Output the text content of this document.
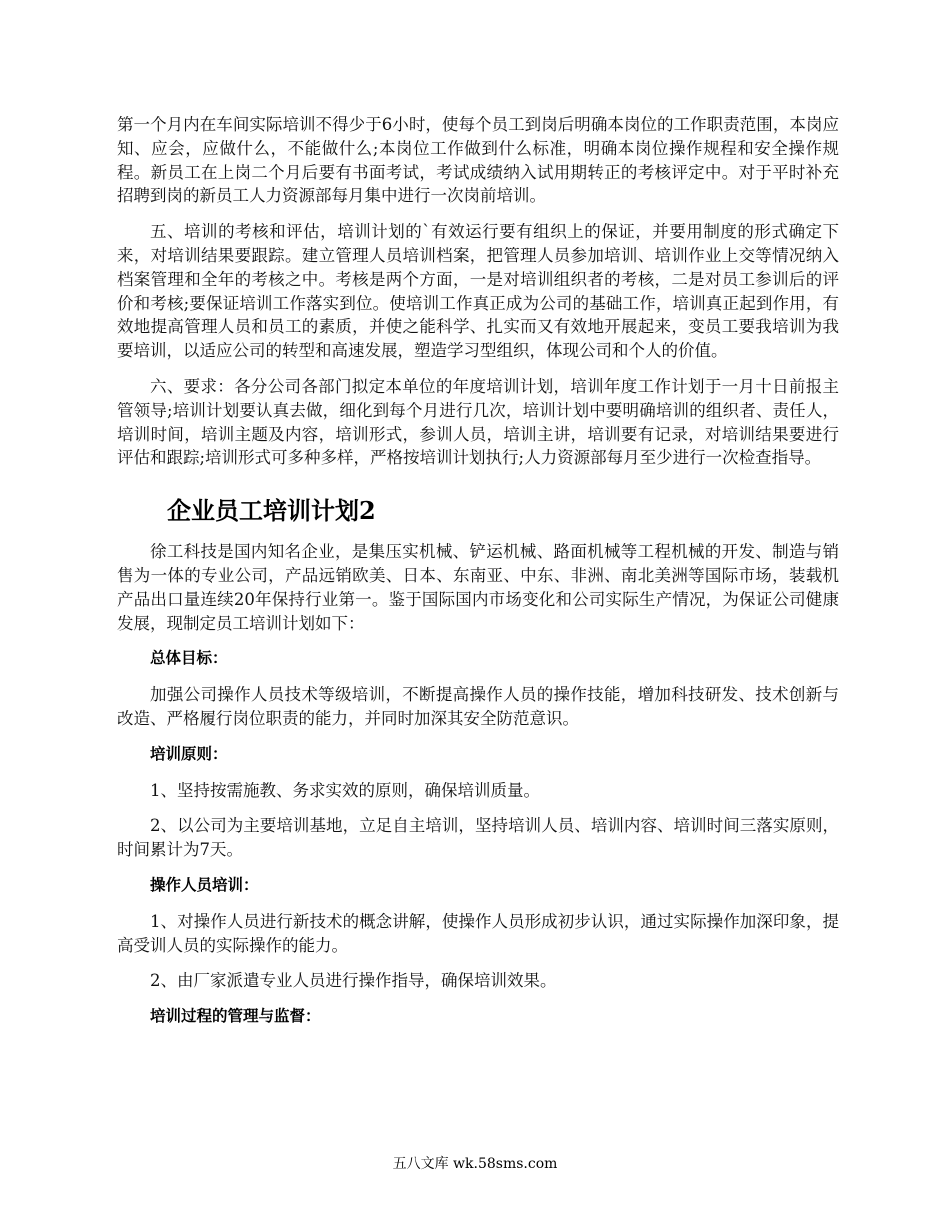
第一个月内在车间实际培训不得少于6小时，使每个员工到岗后明确本岗位的工作职责范围，本岗应知、应会，应做什么，不能做什么;本岗位工作做到什么标准，明确本岗位操作规程和安全操作规程。新员工在上岗二个月后要有书面考试，考试成绩纳入试用期转正的考核评定中。对于平时补充招聘到岗的新员工人力资源部每月集中进行一次岗前培训。

五、培训的考核和评估，培训计划的`有效运行要有组织上的保证，并要用制度的形式确定下来，对培训结果要跟踪。建立管理人员培训档案，把管理人员参加培训、培训作业上交等情况纳入档案管理和全年的考核之中。考核是两个方面，一是对培训组织者的考核，二是对员工参训后的评价和考核;要保证培训工作落实到位。使培训工作真正成为公司的基础工作，培训真正起到作用，有效地提高管理人员和员工的素质，并使之能科学、扎实而又有效地开展起来，变员工要我培训为我要培训，以适应公司的转型和高速发展，塑造学习型组织，体现公司和个人的价值。

六、要求：各分公司各部门拟定本单位的年度培训计划，培训年度工作计划于一月十日前报主管领导;培训计划要认真去做，细化到每个月进行几次，培训计划中要明确培训的组织者、责任人，培训时间，培训主题及内容，培训形式，参训人员，培训主讲，培训要有记录，对培训结果要进行评估和跟踪;培训形式可多种多样，严格按培训计划执行;人力资源部每月至少进行一次检查指导。

企业员工培训计划2

徐工科技是国内知名企业，是集压实机械、铲运机械、路面机械等工程机械的开发、制造与销售为一体的专业公司，产品远销欧美、日本、东南亚、中东、非洲、南北美洲等国际市场，装载机产品出口量连续20年保持行业第一。鉴于国际国内市场变化和公司实际生产情况，为保证公司健康发展，现制定员工培训计划如下：

总体目标：

加强公司操作人员技术等级培训，不断提高操作人员的操作技能，增加科技研发、技术创新与改造、严格履行岗位职责的能力，并同时加深其安全防范意识。

培训原则：

1、坚持按需施教、务求实效的原则，确保培训质量。

2、以公司为主要培训基地，立足自主培训，坚持培训人员、培训内容、培训时间三落实原则，时间累计为7天。

操作人员培训：

1、对操作人员进行新技术的概念讲解，使操作人员形成初步认识，通过实际操作加深印象，提高受训人员的实际操作的能力。

2、由厂家派遣专业人员进行操作指导，确保培训效果。

培训过程的管理与监督：

五八文库 wk.58sms.com
